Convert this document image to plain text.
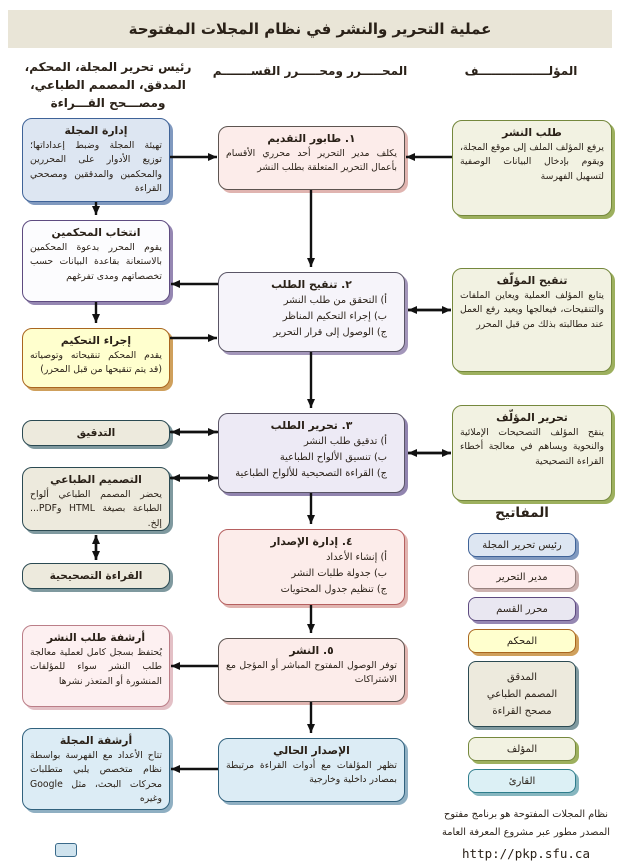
عملية التحرير والنشر في نظام المجلات المفتوحة
المؤلـــــــــــــــــف
المحـــــرر ومحـــــرر القســـــــم
رئيس تحرير المجلة، المحكم، المدقق، المصمم الطباعي، ومصـــحح القـــراءة
طلب النشر
يرفع المؤلف الملف إلى موقع المجلة، ويقوم بإدخال البيانات الوصفية لتسهيل الفهرسة
تنقيح المؤلّف
يتابع المؤلف العملية ويعاين الملفات والتنقيحات، فيعالجها ويعيد رفع العمل عند مطالبته بذلك من قبل المحرر
تحرير المؤلّف
ينقح المؤلف التصحيحات الإملائية والنحوية ويساهم في معالجة أخطاء القراءة التصحيحية
١. طابور التقديم
يكلف مدير التحرير أحد محرري الأقسام بأعمال التحرير المتعلقة بطلب النشر
٢. تنقيح الطلب
أ) التحقق من طلب النشر
ب) إجراء التحكيم المناظر
ج) الوصول إلى قرار التحرير
٣. تحرير الطلب
أ) تدقيق طلب النشر
ب) تنسيق الألواح الطباعية
ج) القراءة التصحيحية للألواح الطباعية
٤. إدارة الإصدار
أ) إنشاء الأعداد
ب) جدولة طلبات النشر
ج) تنظيم جدول المحتويات
٥. النشر
توفر الوصول المفتوح المباشر أو المؤجل مع الاشتراكات
الإصدار الحالي
تظهر المؤلفات مع أدوات القراءة مرتبطة بمصادر داخلية وخارجية
إدارة المجلة
تهيئة المجلة وضبط إعداداتها؛ توزيع الأدوار على المحررين والمحكمين والمدققين ومصححي القراءة
انتخاب المحكمين
يقوم المحرر بدعوة المحكمين بالاستعانة بقاعدة البيانات حسب تخصصاتهم ومدى تفرغهم
إجراء التحكيم
يقدم المحكم تنقيحاته وتوصياته (قد يتم تنقيحها من قبل المحرر)
التدقيق
التصميم الطباعي
يحضر المصمم الطباعي ألواح الطباعة بصيغة HTML وPDF... إلخ.
القراءة التصحيحية
أرشفة طلب النشر
يُحتفظ بسجل كامل لعملية معالجة طلب النشر سواء للمؤلفات المنشورة أو المتعذر نشرها
أرشفة المجلة
تتاح الأعداد مع الفهرسة بواسطة نظام متخصص يلبي متطلبات محركات البحث، مثل Google وغيره
المفاتيح
رئيس تحرير المجلة
مدير التحرير
محرر القسم
المحكم
المدقق
المصمم الطباعي
مصحح القراءة
المؤلف
القارئ
نظام المجلات المفتوحة هو برنامج مفتوح
المصدر مطور عبر مشروع المعرفة العامة
http://pkp.sfu.ca
